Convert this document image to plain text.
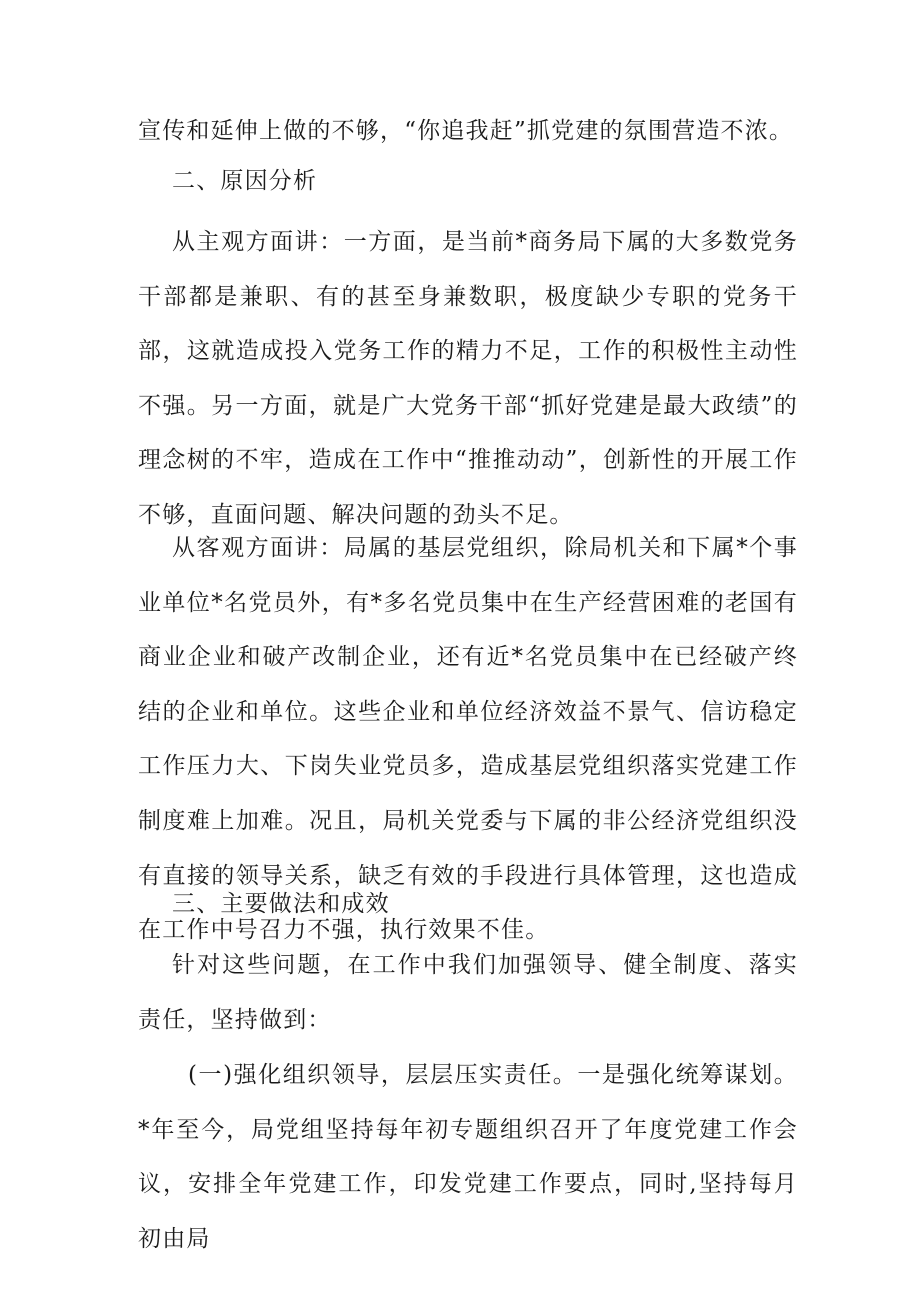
宣传和延伸上做的不够，“你追我赶”抓党建的氛围营造不浓。

二、原因分析

从主观方面讲：一方面，是当前*商务局下属的大多数党务干部都是兼职、有的甚至身兼数职，极度缺少专职的党务干部，这就造成投入党务工作的精力不足，工作的积极性主动性不强。另一方面，就是广大党务干部“抓好党建是最大政绩”的理念树的不牢，造成在工作中“推推动动”，创新性的开展工作不够，直面问题、解决问题的劲头不足。

从客观方面讲：局属的基层党组织，除局机关和下属*个事业单位*名党员外，有*多名党员集中在生产经营困难的老国有商业企业和破产改制企业，还有近*名党员集中在已经破产终结的企业和单位。这些企业和单位经济效益不景气、信访稳定工作压力大、下岗失业党员多，造成基层党组织落实党建工作制度难上加难。况且，局机关党委与下属的非公经济党组织没有直接的领导关系，缺乏有效的手段进行具体管理，这也造成在工作中号召力不强，执行效果不佳。

三、主要做法和成效

针对这些问题，在工作中我们加强领导、健全制度、落实责任，坚持做到：

(一)强化组织领导，层层压实责任。一是强化统筹谋划。*年至今，局党组坚持每年初专题组织召开了年度党建工作会议，安排全年党建工作，印发党建工作要点，同时,坚持每月初由局
